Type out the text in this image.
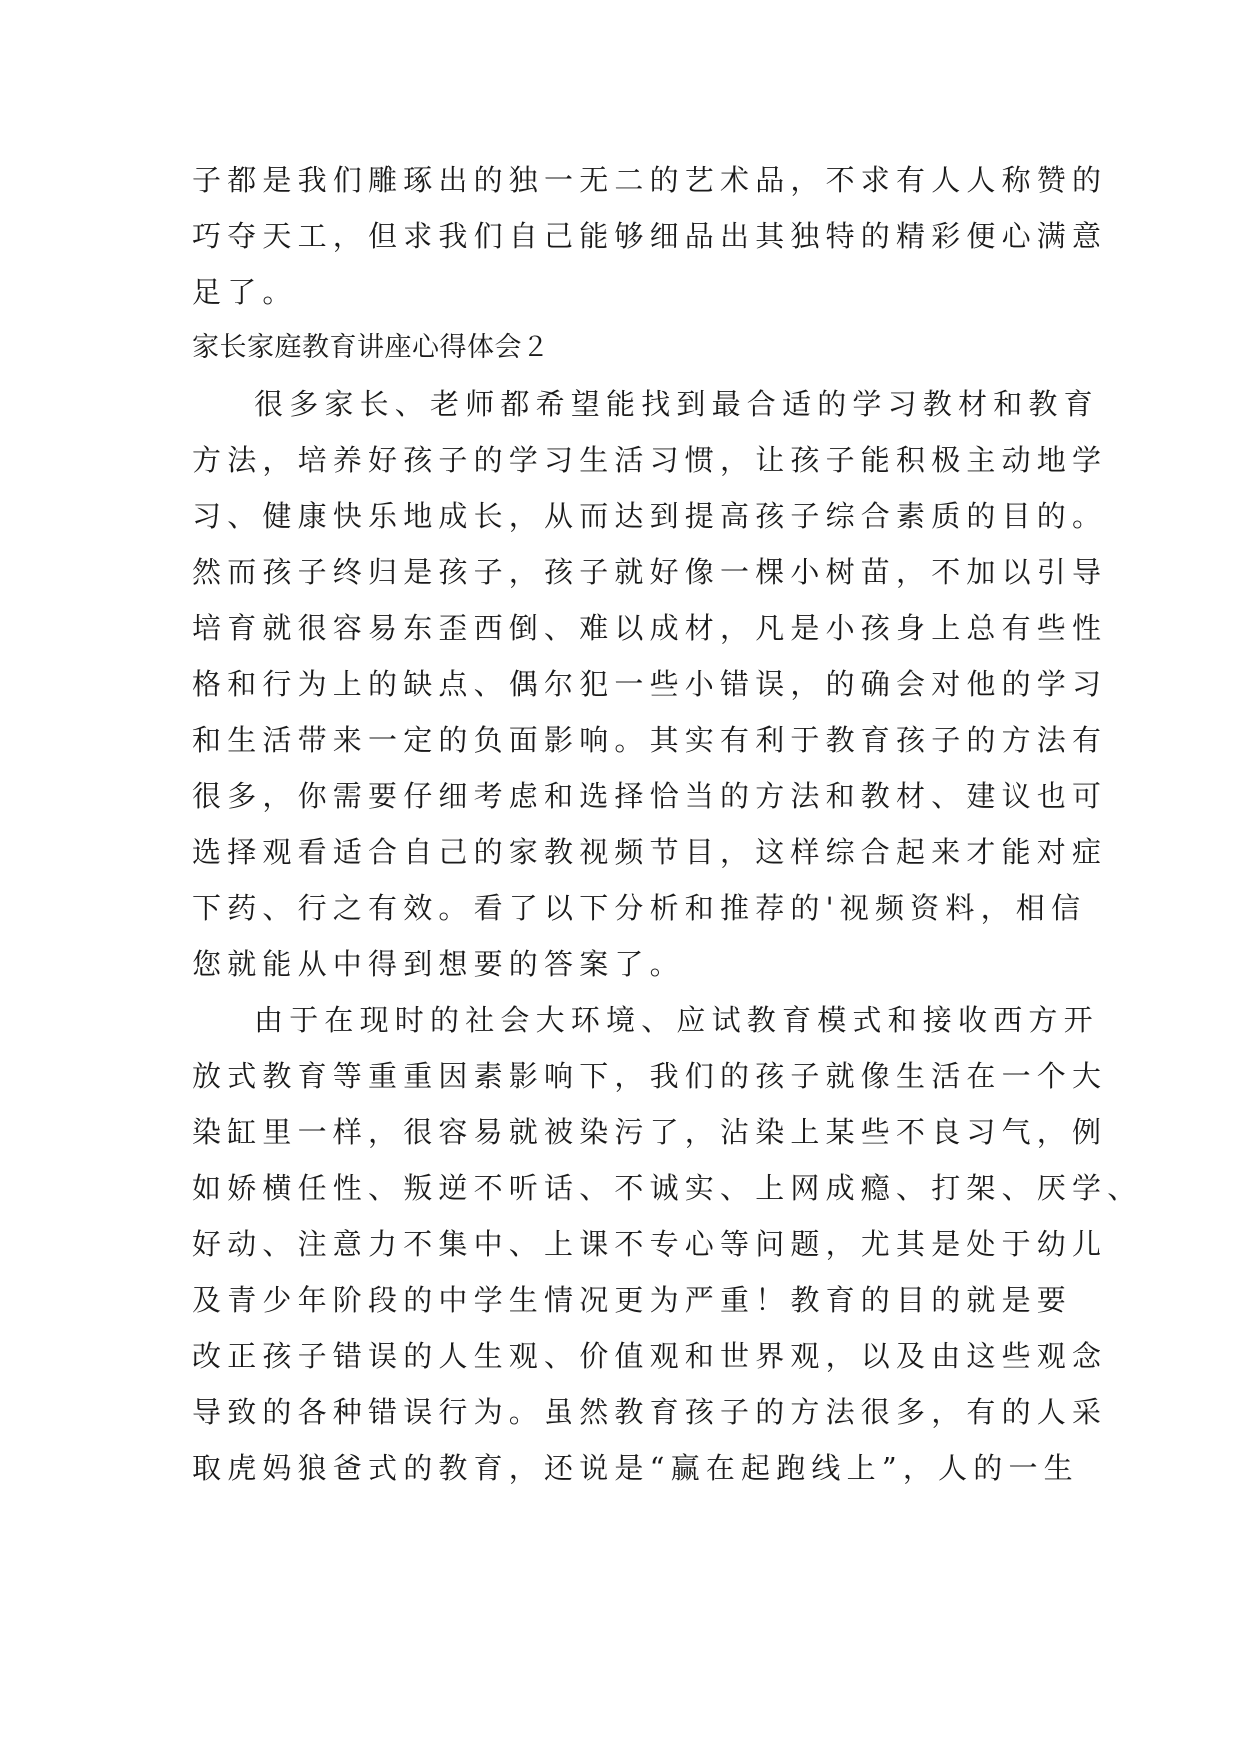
子都是我们雕琢出的独一无二的艺术品，不求有人人称赞的
巧夺天工，但求我们自己能够细品出其独特的精彩便心满意
足了。
家长家庭教育讲座心得体会２
很多家长、老师都希望能找到最合适的学习教材和教育
方法，培养好孩子的学习生活习惯，让孩子能积极主动地学
习、健康快乐地成长，从而达到提高孩子综合素质的目的。
然而孩子终归是孩子，孩子就好像一棵小树苗，不加以引导
培育就很容易东歪西倒、难以成材，凡是小孩身上总有些性
格和行为上的缺点、偶尔犯一些小错误，的确会对他的学习
和生活带来一定的负面影响。其实有利于教育孩子的方法有
很多，你需要仔细考虑和选择恰当的方法和教材、建议也可
选择观看适合自己的家教视频节目，这样综合起来才能对症
下药、行之有效。看了以下分析和推荐的'视频资料，相信
您就能从中得到想要的答案了。
由于在现时的社会大环境、应试教育模式和接收西方开
放式教育等重重因素影响下，我们的孩子就像生活在一个大
染缸里一样，很容易就被染污了，沾染上某些不良习气，例
如娇横任性、叛逆不听话、不诚实、上网成瘾、打架、厌学、
好动、注意力不集中、上课不专心等问题，尤其是处于幼儿
及青少年阶段的中学生情况更为严重！教育的目的就是要
改正孩子错误的人生观、价值观和世界观，以及由这些观念
导致的各种错误行为。虽然教育孩子的方法很多，有的人采
取虎妈狼爸式的教育，还说是“赢在起跑线上”，人的一生
